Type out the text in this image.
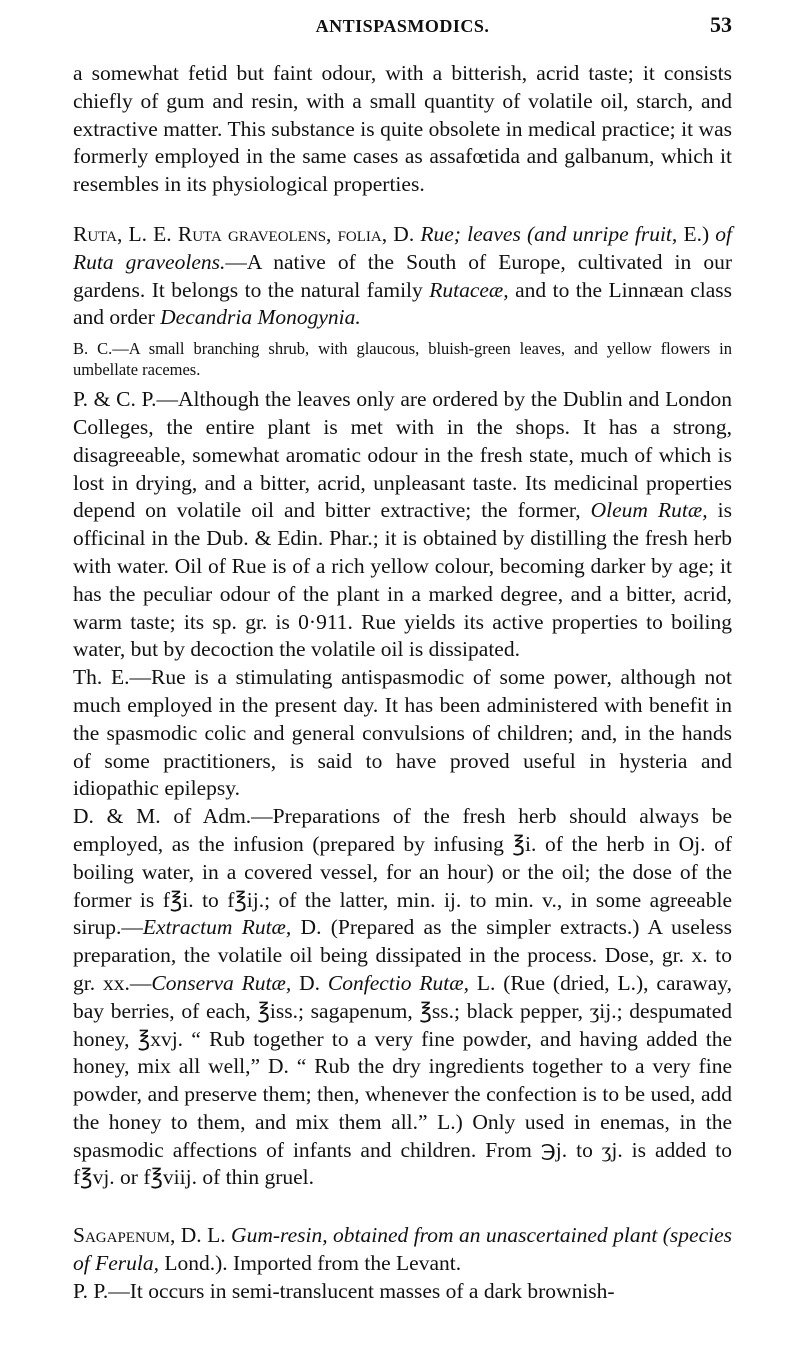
ANTISPASMODICS.	53

a somewhat fetid but faint odour, with a bitterish, acrid taste; it consists chiefly of gum and resin, with a small quantity of volatile oil, starch, and extractive matter. This substance is quite obsolete in medical practice; it was formerly employed in the same cases as assafœtida and galbanum, which it resembles in its physiological properties.

Ruta, L. E. Ruta graveolens, folia, D. Rue; leaves (and unripe fruit, E.) of Ruta graveolens.—A native of the South of Europe, cultivated in our gardens. It belongs to the natural family Rutaceæ, and to the Linnæan class and order Decandria Monogynia.

B. C.—A small branching shrub, with glaucous, bluish-green leaves, and yellow flowers in umbellate racemes.

P. & C. P.—Although the leaves only are ordered by the Dublin and London Colleges, the entire plant is met with in the shops. It has a strong, disagreeable, somewhat aromatic odour in the fresh state, much of which is lost in drying, and a bitter, acrid, unpleasant taste. Its medicinal properties depend on volatile oil and bitter extractive; the former, Oleum Rutæ, is officinal in the Dub. & Edin. Phar.; it is obtained by distilling the fresh herb with water. Oil of Rue is of a rich yellow colour, becoming darker by age; it has the peculiar odour of the plant in a marked degree, and a bitter, acrid, warm taste; its sp. gr. is 0·911. Rue yields its active properties to boiling water, but by decoction the volatile oil is dissipated.

Th. E.—Rue is a stimulating antispasmodic of some power, although not much employed in the present day. It has been administered with benefit in the spasmodic colic and general convulsions of children; and, in the hands of some practitioners, is said to have proved useful in hysteria and idiopathic epilepsy.

D. & M. of Adm.—Preparations of the fresh herb should always be employed, as the infusion (prepared by infusing ℥i. of the herb in Oj. of boiling water, in a covered vessel, for an hour) or the oil; the dose of the former is f℥i. to f℥ij.; of the latter, min. ij. to min. v., in some agreeable sirup.—Extractum Rutæ, D. (Prepared as the simpler extracts.) A useless preparation, the volatile oil being dissipated in the process. Dose, gr. x. to gr. xx.—Conserva Rutæ, D. Confectio Rutæ, L. (Rue (dried, L.), caraway, bay berries, of each, ℥iss.; sagapenum, ℥ss.; black pepper, ʒij.; despumated honey, ℥xvj. “ Rub together to a very fine powder, and having added the honey, mix all well,” D. “ Rub the dry ingredients together to a very fine powder, and preserve them; then, whenever the confection is to be used, add the honey to them, and mix them all.” L.) Only used in enemas, in the spasmodic affections of infants and children. From ℈j. to ʒj. is added to f℥vj. or f℥viij. of thin gruel.

Sagapenum, D. L. Gum-resin, obtained from an unascertained plant (species of Ferula, Lond.). Imported from the Levant.

P. P.—It occurs in semi-translucent masses of a dark brownish-
